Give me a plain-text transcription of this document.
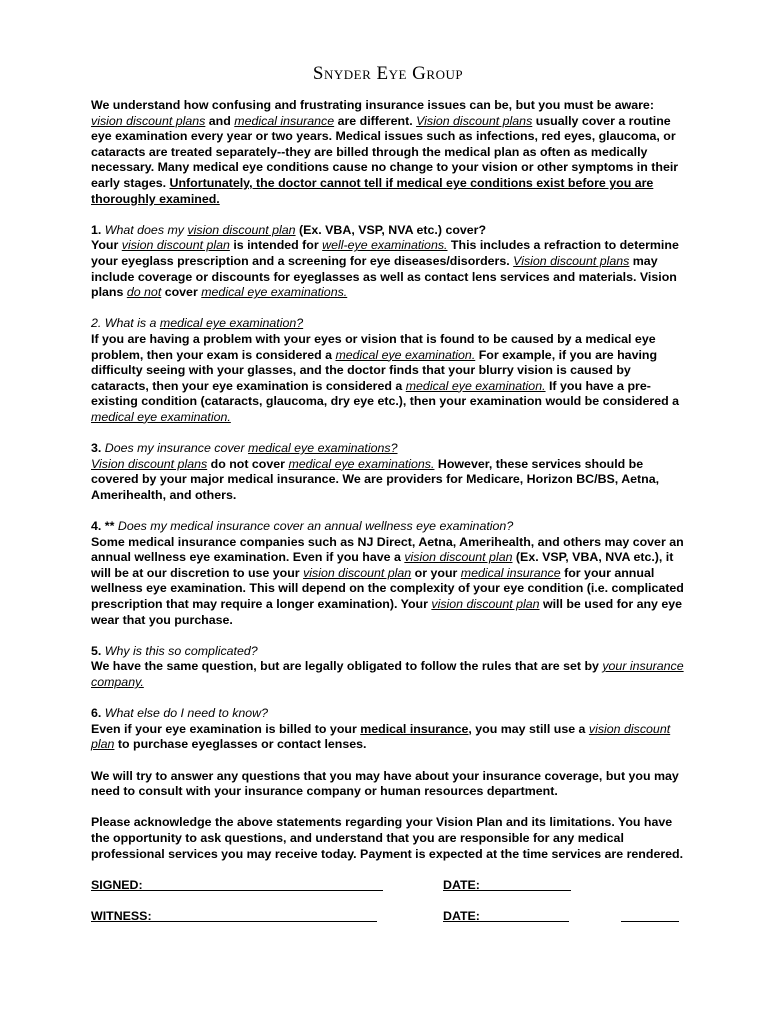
Snyder Eye Group

We understand how confusing and frustrating insurance issues can be, but you must be aware: vision discount plans and medical insurance are different. Vision discount plans usually cover a routine eye examination every year or two years. Medical issues such as infections, red eyes, glaucoma, or cataracts are treated separately--they are billed through the medical plan as often as medically necessary. Many medical eye conditions cause no change to your vision or other symptoms in their early stages. Unfortunately, the doctor cannot tell if medical eye conditions exist before you are thoroughly examined.

1. What does my vision discount plan (Ex. VBA, VSP, NVA etc.) cover?
Your vision discount plan is intended for well-eye examinations. This includes a refraction to determine your eyeglass prescription and a screening for eye diseases/disorders. Vision discount plans may include coverage or discounts for eyeglasses as well as contact lens services and materials. Vision plans do not cover medical eye examinations.

2. What is a medical eye examination?
If you are having a problem with your eyes or vision that is found to be caused by a medical eye problem, then your exam is considered a medical eye examination. For example, if you are having difficulty seeing with your glasses, and the doctor finds that your blurry vision is caused by cataracts, then your eye examination is considered a medical eye examination. If you have a pre-existing condition (cataracts, glaucoma, dry eye etc.), then your examination would be considered a medical eye examination.

3. Does my insurance cover medical eye examinations?
Vision discount plans do not cover medical eye examinations. However, these services should be covered by your major medical insurance. We are providers for Medicare, Horizon BC/BS, Aetna, Amerihealth, and others.

4. ** Does my medical insurance cover an annual wellness eye examination?
Some medical insurance companies such as NJ Direct, Aetna, Amerihealth, and others may cover an annual wellness eye examination. Even if you have a vision discount plan (Ex. VSP, VBA, NVA etc.), it will be at our discretion to use your vision discount plan or your medical insurance for your annual wellness eye examination. This will depend on the complexity of your eye condition (i.e. complicated prescription that may require a longer examination). Your vision discount plan will be used for any eye wear that you purchase.

5. Why is this so complicated?
We have the same question, but are legally obligated to follow the rules that are set by your insurance company.

6. What else do I need to know?
Even if your eye examination is billed to your medical insurance, you may still use a vision discount plan to purchase eyeglasses or contact lenses.

We will try to answer any questions that you may have about your insurance coverage, but you may need to consult with your insurance company or human resources department.

Please acknowledge the above statements regarding your Vision Plan and its limitations. You have the opportunity to ask questions, and understand that you are responsible for any medical professional services you may receive today. Payment is expected at the time services are rendered.

SIGNED:	DATE:
WITNESS:	DATE:
